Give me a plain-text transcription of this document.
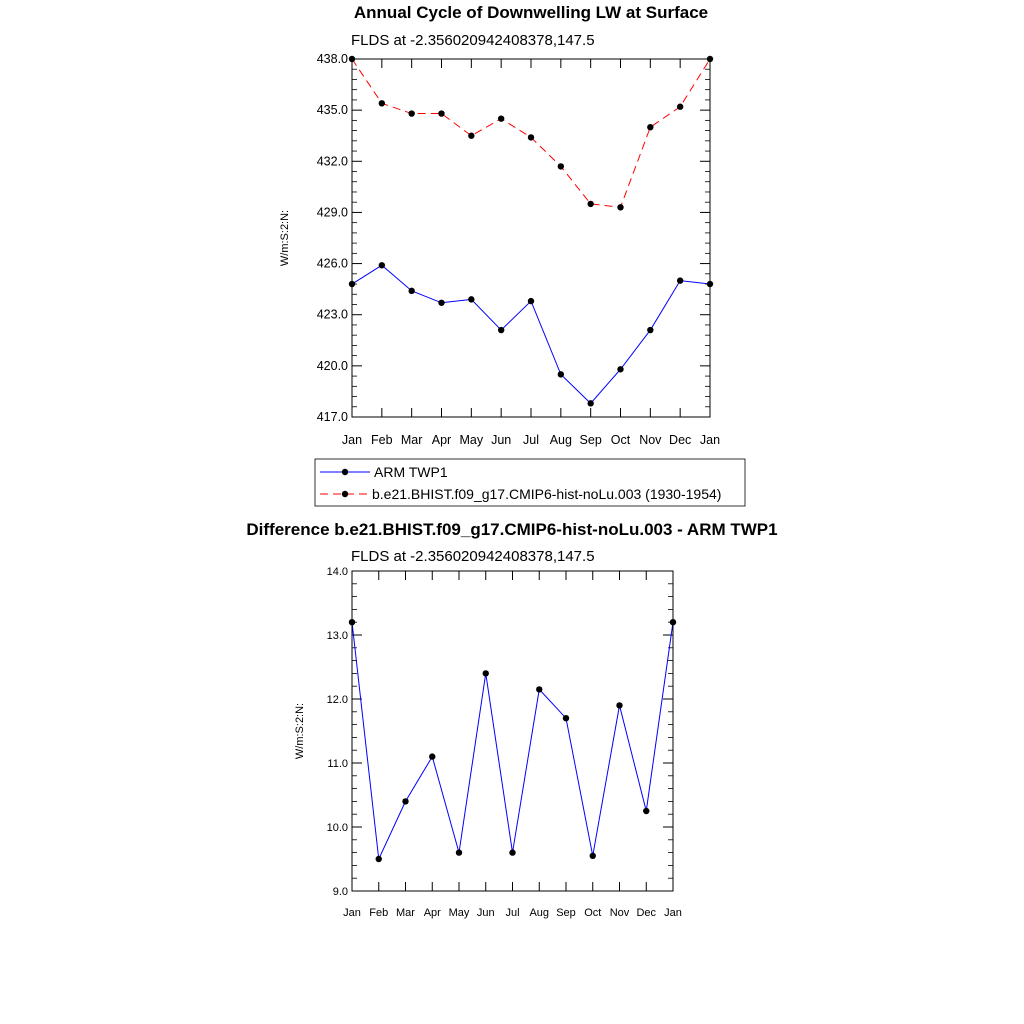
Annual Cycle of Downwelling LW at Surface
FLDS at -2.356020942408378,147.5
W/m:S:2:N:
417.0
420.0
423.0
426.0
429.0
432.0
435.0
438.0
Jan Feb Mar Apr May Jun Jul Aug Sep Oct Nov Dec Jan
ARM TWP1
b.e21.BHIST.f09_g17.CMIP6-hist-noLu.003 (1930-1954)
Difference b.e21.BHIST.f09_g17.CMIP6-hist-noLu.003 - ARM TWP1
FLDS at -2.356020942408378,147.5
W/m:S:2:N:
9.0
10.0
11.0
12.0
13.0
14.0
Jan Feb Mar Apr May Jun Jul Aug Sep Oct Nov Dec Jan
